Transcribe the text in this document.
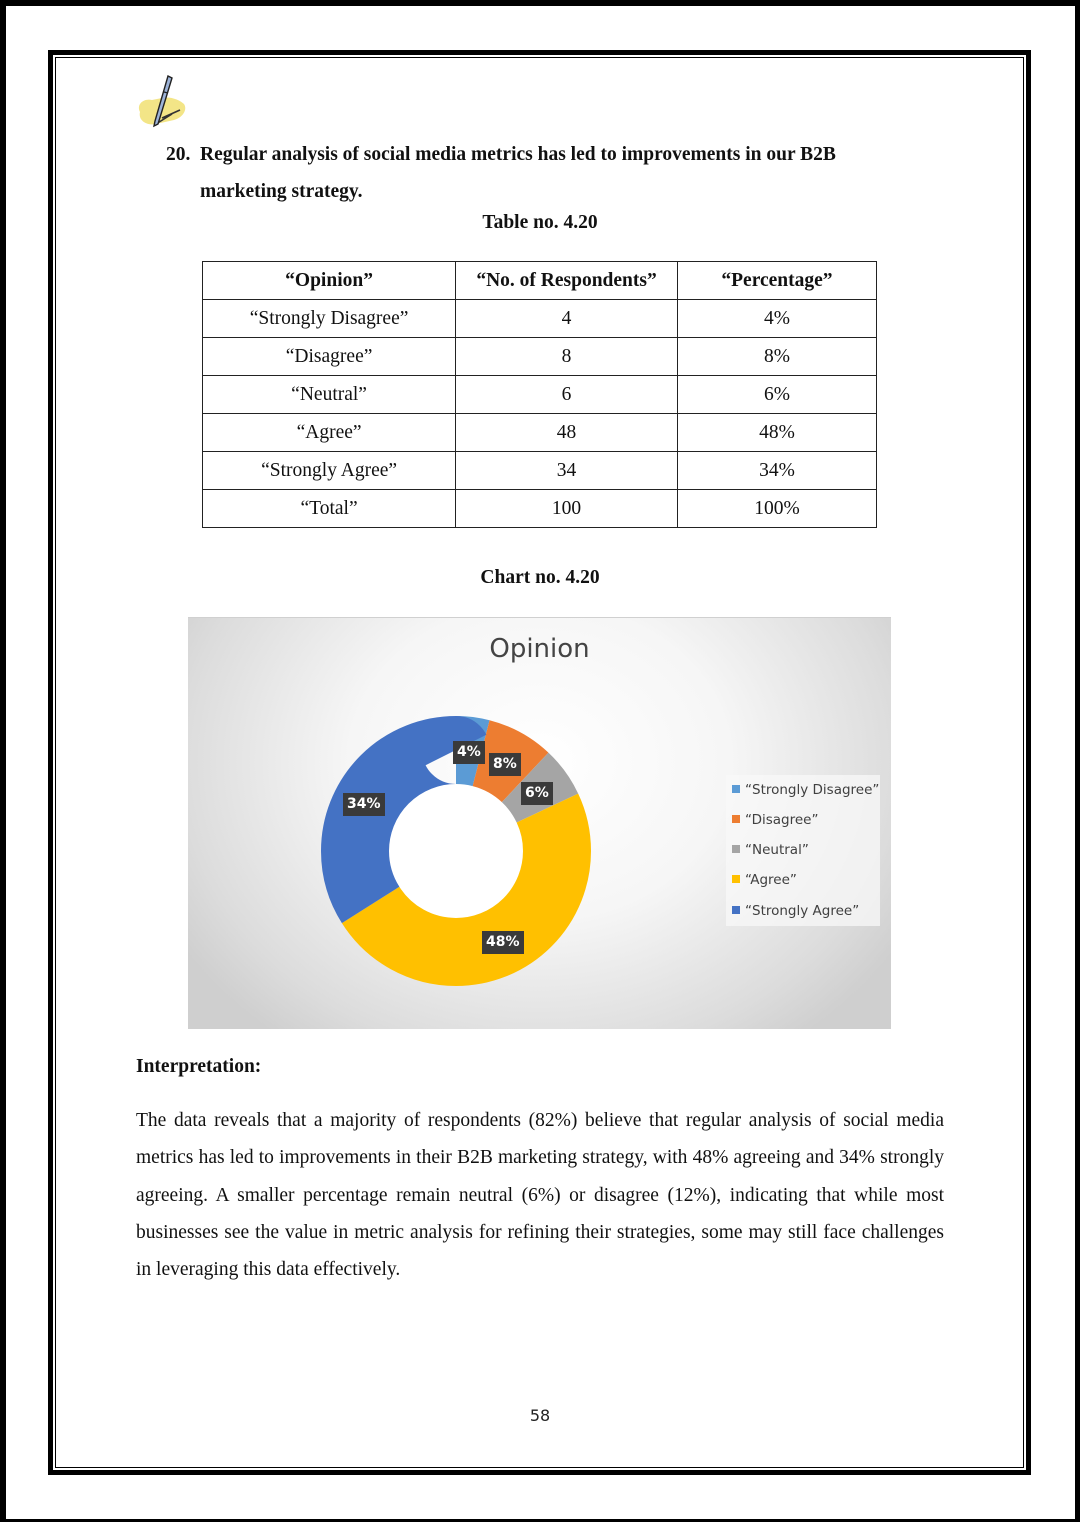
20. Regular analysis of social media metrics has led to improvements in our B2B
marketing strategy.
Table no. 4.20
“Opinion”	“No. of Respondents”	“Percentage”
“Strongly Disagree”	4	4%
“Disagree”	8	8%
“Neutral”	6	6%
“Agree”	48	48%
“Strongly Agree”	34	34%
“Total”	100	100%
Chart no. 4.20
Opinion
4%
8%
6%
48%
34%
“Strongly Disagree”
“Disagree”
“Neutral”
“Agree”
“Strongly Agree”
Interpretation:
The data reveals that a majority of respondents (82%) believe that regular analysis of social media metrics has led to improvements in their B2B marketing strategy, with 48% agreeing and 34% strongly agreeing. A smaller percentage remain neutral (6%) or disagree (12%), indicating that while most businesses see the value in metric analysis for refining their strategies, some may still face challenges in leveraging this data effectively.
58
